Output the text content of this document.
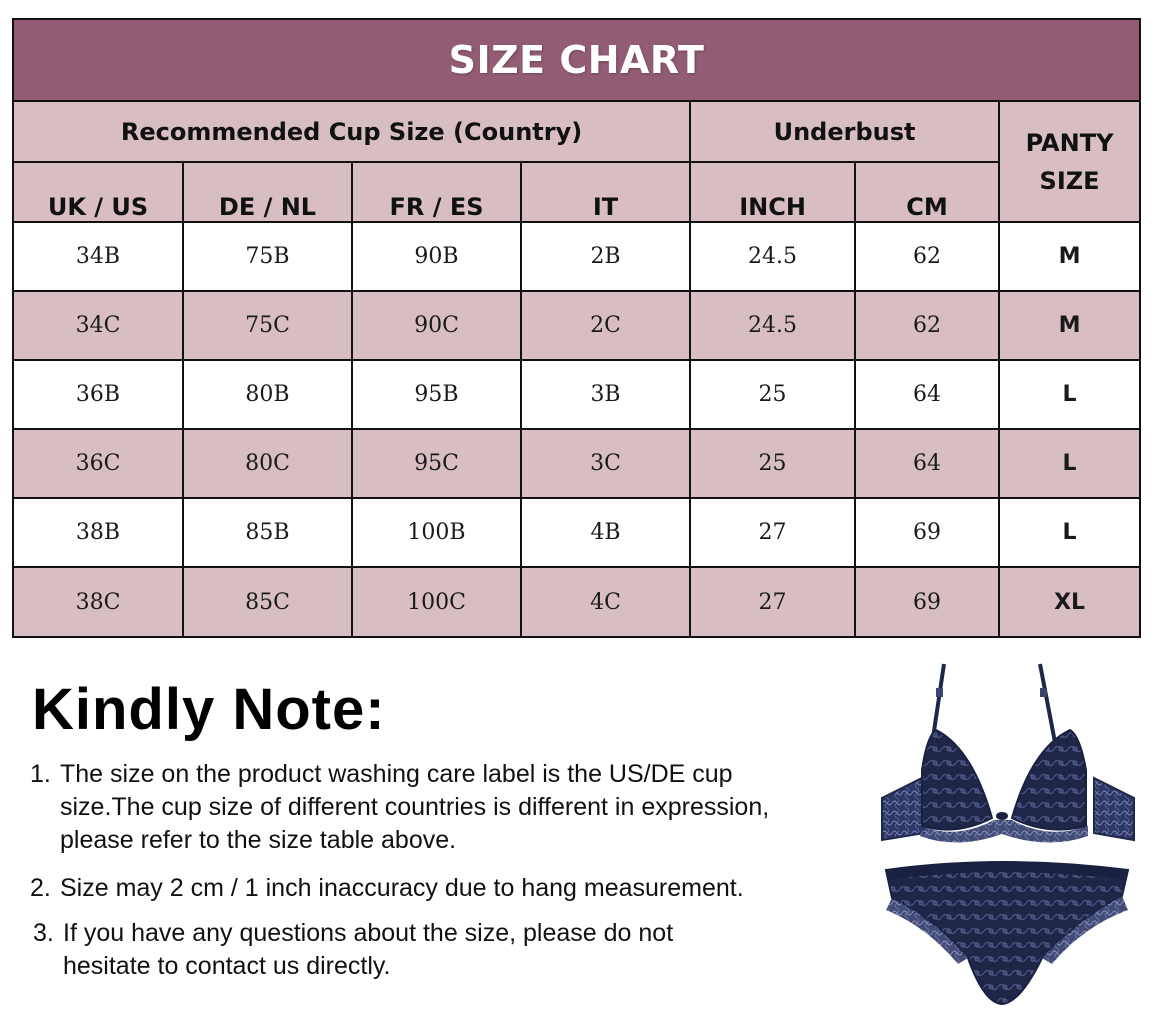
SIZE CHART
Recommended Cup Size (Country)				Underbust		PANTY
SIZE
UK / US	DE / NL	FR / ES	IT	INCH	CM	
34B	75B	90B	2B	24.5	62	M
34C	75C	90C	2C	24.5	62	M
36B	80B	95B	3B	25	64	L
36C	80C	95C	3C	25	64	L
38B	85B	100B	4B	27	69	L
38C	85C	100C	4C	27	69	XL
Kindly Note:
1. The size on the product washing care label is the US/DE cup
size.The cup size of different countries is different in expression,
please refer to the size table above.
2. Size may 2 cm / 1 inch inaccuracy due to hang measurement.
3. If you have any questions about the size, please do not
hesitate to contact us directly.
